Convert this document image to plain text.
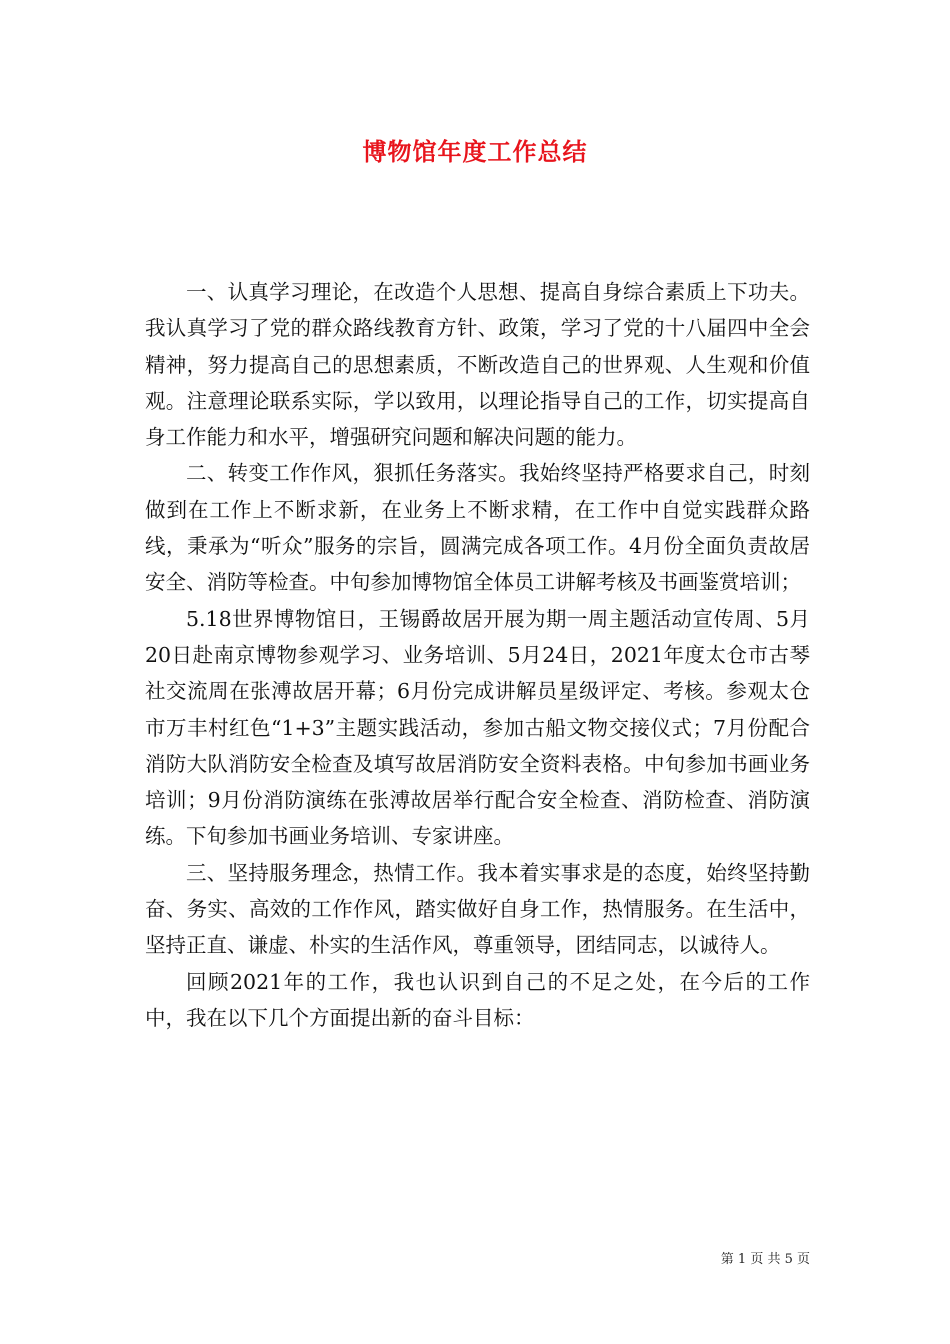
博物馆年度工作总结

一、认真学习理论，在改造个人思想、提高自身综合素质上下功夫。我认真学习了党的群众路线教育方针、政策，学习了党的十八届四中全会精神，努力提高自己的思想素质，不断改造自己的世界观、人生观和价值观。注意理论联系实际，学以致用，以理论指导自己的工作，切实提高自身工作能力和水平，增强研究问题和解决问题的能力。

二、转变工作作风，狠抓任务落实。我始终坚持严格要求自己，时刻做到在工作上不断求新，在业务上不断求精，在工作中自觉实践群众路线，秉承为“听众”服务的宗旨，圆满完成各项工作。4月份全面负责故居安全、消防等检查。中旬参加博物馆全体员工讲解考核及书画鉴赏培训；

5.18世界博物馆日，王锡爵故居开展为期一周主题活动宣传周、5月20日赴南京博物参观学习、业务培训、5月24日，2021年度太仓市古琴社交流周在张溥故居开幕；6月份完成讲解员星级评定、考核。参观太仓市万丰村红色“1+3”主题实践活动，参加古船文物交接仪式；7月份配合消防大队消防安全检查及填写故居消防安全资料表格。中旬参加书画业务培训；9月份消防演练在张溥故居举行配合安全检查、消防检查、消防演练。下旬参加书画业务培训、专家讲座。

三、坚持服务理念，热情工作。我本着实事求是的态度，始终坚持勤奋、务实、高效的工作作风，踏实做好自身工作，热情服务。在生活中，坚持正直、谦虚、朴实的生活作风，尊重领导，团结同志，以诚待人。

回顾2021年的工作，我也认识到自己的不足之处，在今后的工作中，我在以下几个方面提出新的奋斗目标：

第 1 页 共 5 页
